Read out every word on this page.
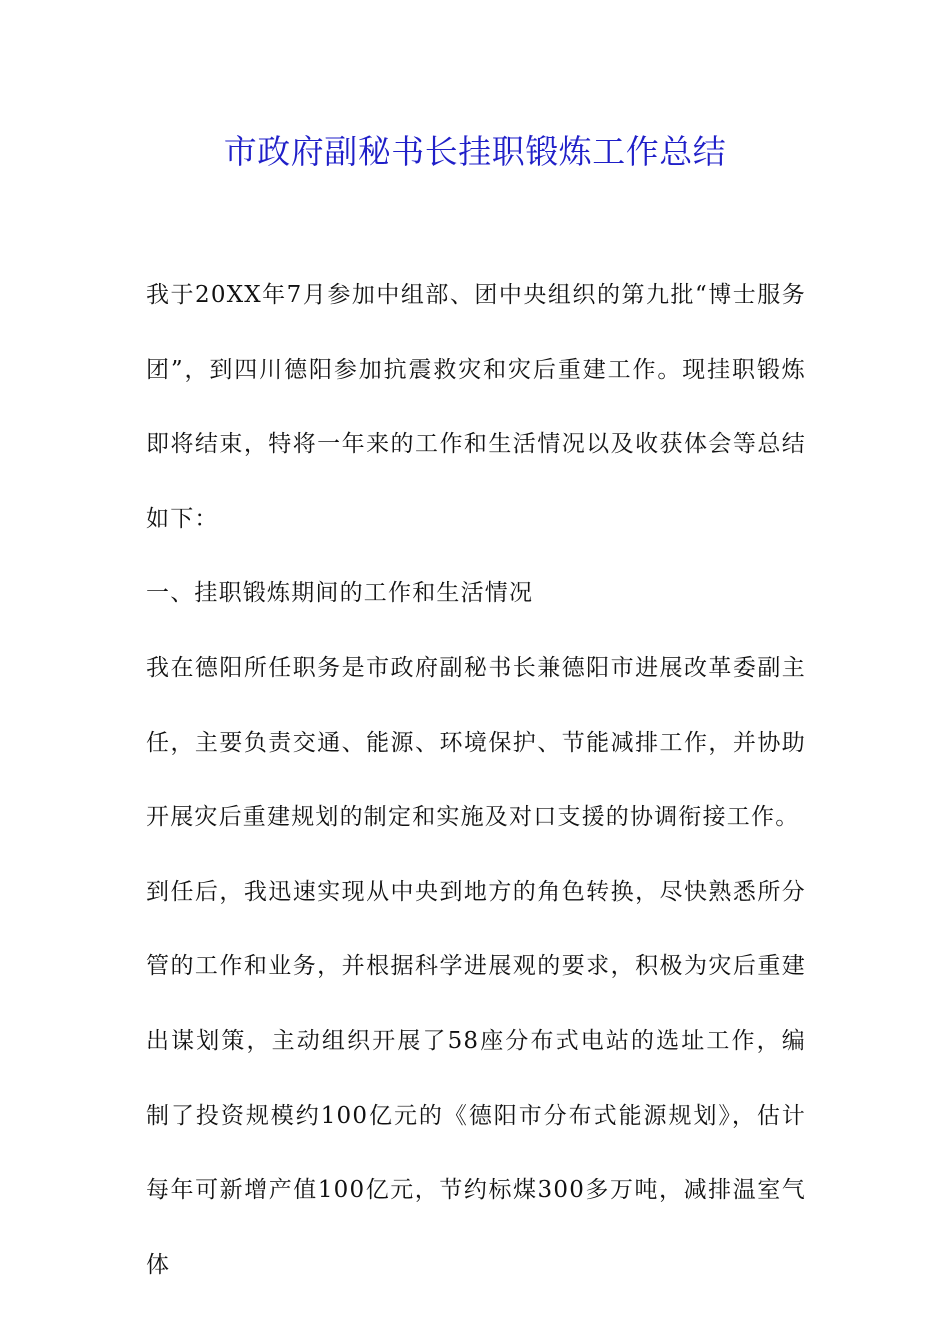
市政府副秘书长挂职锻炼工作总结

我于20XX年7月参加中组部、团中央组织的第九批“博士服务团”，到四川德阳参加抗震救灾和灾后重建工作。现挂职锻炼即将结束，特将一年来的工作和生活情况以及收获体会等总结如下：

一、挂职锻炼期间的工作和生活情况

我在德阳所任职务是市政府副秘书长兼德阳市进展改革委副主任，主要负责交通、能源、环境保护、节能减排工作，并协助开展灾后重建规划的制定和实施及对口支援的协调衔接工作。

到任后，我迅速实现从中央到地方的角色转换，尽快熟悉所分管的工作和业务，并根据科学进展观的要求，积极为灾后重建出谋划策，主动组织开展了58座分布式电站的选址工作，编制了投资规模约100亿元的《德阳市分布式能源规划》，估计每年可新增产值100亿元，节约标煤300多万吨，减排温室气体
